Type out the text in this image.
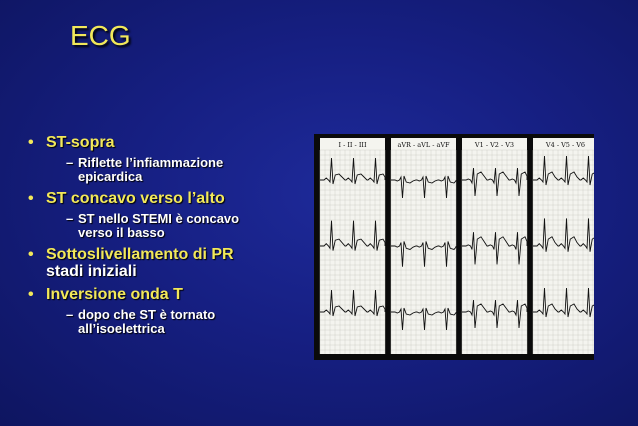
ECG
• ST-sopra
– Riflette l’infiammazione
epicardica
• ST concavo verso l’alto
– ST nello STEMI è concavo
verso il basso
• Sottoslivellamento di PR
stadi iniziali
• Inversione onda T
– dopo che ST è tornato
all’isoelettrica
I - II - III	aVR - aVL - aVF	V1 - V2 - V3	V4 - V5 - V6
